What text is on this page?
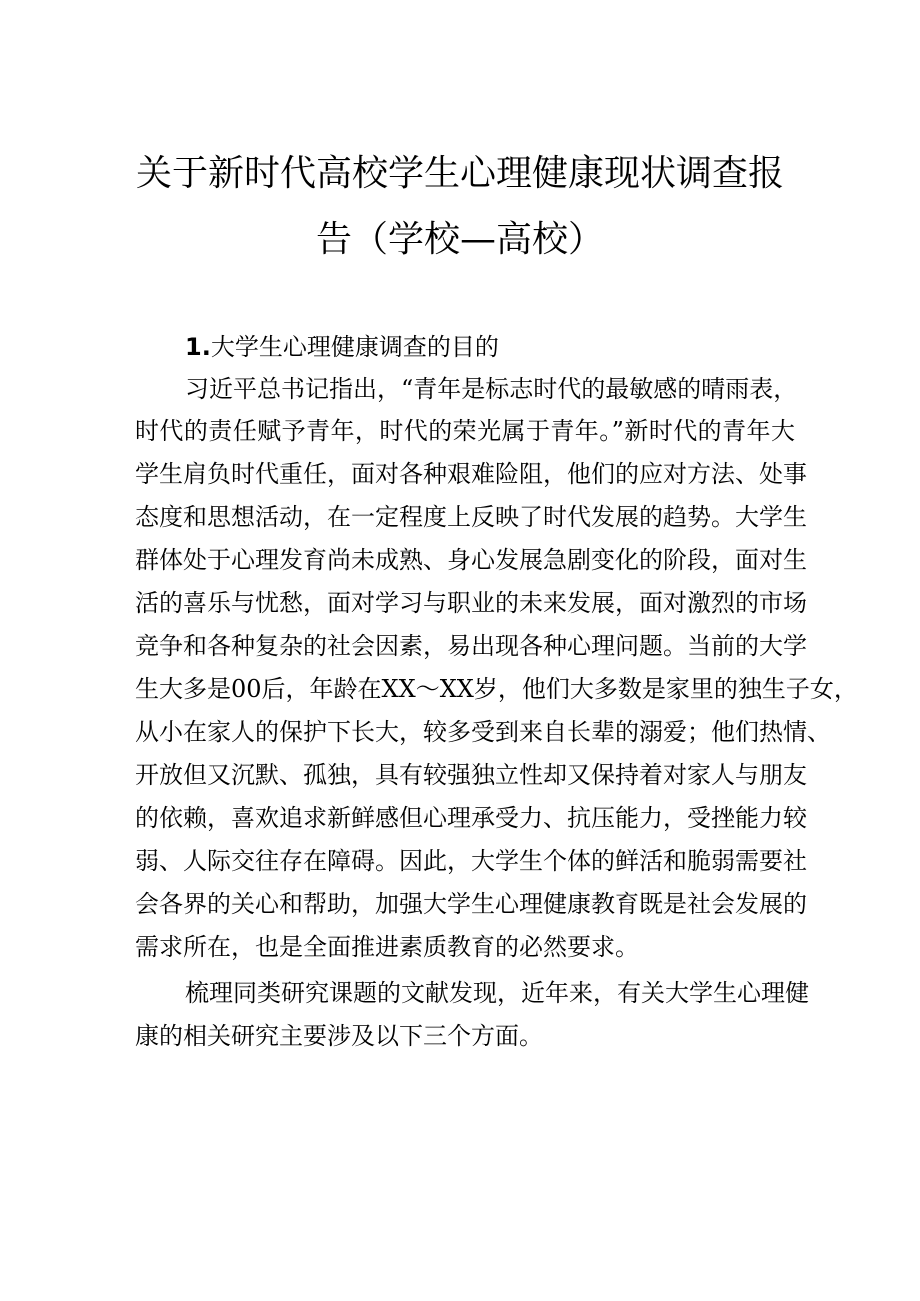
关于新时代高校学生心理健康现状调查报
告（学校—高校）
1.大学生心理健康调查的目的
习近平总书记指出，“青年是标志时代的最敏感的晴雨表，
时代的责任赋予青年，时代的荣光属于青年。”新时代的青年大
学生肩负时代重任，面对各种艰难险阻，他们的应对方法、处事
态度和思想活动，在一定程度上反映了时代发展的趋势。大学生
群体处于心理发育尚未成熟、身心发展急剧变化的阶段，面对生
活的喜乐与忧愁，面对学习与职业的未来发展，面对激烈的市场
竞争和各种复杂的社会因素，易出现各种心理问题。当前的大学
生大多是00后，年龄在XX～XX岁，他们大多数是家里的独生子女，
从小在家人的保护下长大，较多受到来自长辈的溺爱；他们热情、
开放但又沉默、孤独，具有较强独立性却又保持着对家人与朋友
的依赖，喜欢追求新鲜感但心理承受力、抗压能力，受挫能力较
弱、人际交往存在障碍。因此，大学生个体的鲜活和脆弱需要社
会各界的关心和帮助，加强大学生心理健康教育既是社会发展的
需求所在，也是全面推进素质教育的必然要求。
梳理同类研究课题的文献发现，近年来，有关大学生心理健
康的相关研究主要涉及以下三个方面。
